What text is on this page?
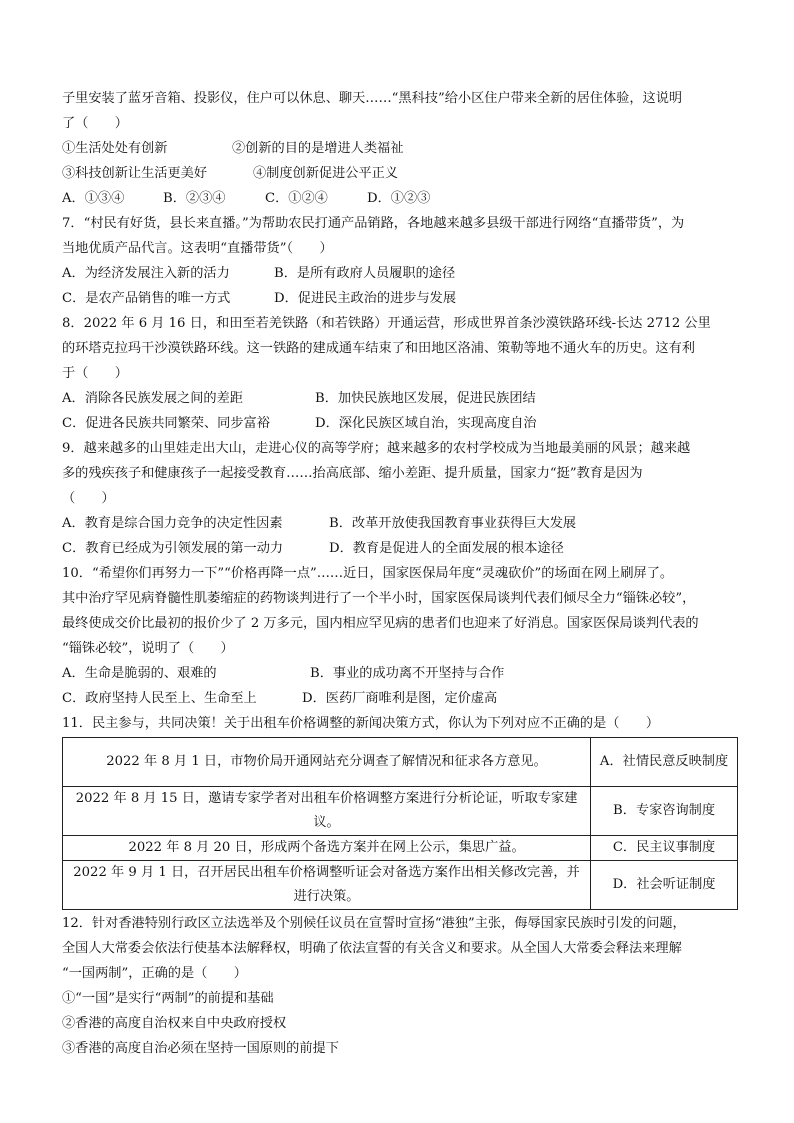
子里安装了蓝牙音箱、投影仪，住户可以休息、聊天……“黑科技”给小区住户带来全新的居住体验，这说明
了（　　）
①生活处处有创新	②创新的目的是增进人类福祉
③科技创新让生活更美好	④制度创新促进公平正义
A．①③④	B．②③④	C．①②④	D．①②③
7．“村民有好货，县长来直播。”为帮助农民打通产品销路，各地越来越多县级干部进行网络“直播带货”，为
当地优质产品代言。这表明“直播带货”（　　）
A．为经济发展注入新的活力	B．是所有政府人员履职的途径
C．是农产品销售的唯一方式	D．促进民主政治的进步与发展
8．2022 年 6 月 16 日，和田至若羌铁路（和若铁路）开通运营，形成世界首条沙漠铁路环线-长达 2712 公里
的环塔克拉玛干沙漠铁路环线。这一铁路的建成通车结束了和田地区洛浦、策勒等地不通火车的历史。这有利
于（　　）
A．消除各民族发展之间的差距	B．加快民族地区发展，促进民族团结
C．促进各民族共同繁荣、同步富裕	D．深化民族区域自治，实现高度自治
9．越来越多的山里娃走出大山，走进心仪的高等学府；越来越多的农村学校成为当地最美丽的风景；越来越
多的残疾孩子和健康孩子一起接受教育……抬高底部、缩小差距、提升质量，国家力“挺”教育是因为
（　　）
A．教育是综合国力竞争的决定性因素	B．改革开放使我国教育事业获得巨大发展
C．教育已经成为引领发展的第一动力	D．教育是促进人的全面发展的根本途径
10．“希望你们再努力一下”“价格再降一点”……近日，国家医保局年度“灵魂砍价”的场面在网上刷屏了。
其中治疗罕见病脊髓性肌萎缩症的药物谈判进行了一个半小时，国家医保局谈判代表们倾尽全力“锱铢必较”，
最终使成交价比最初的报价少了 2 万多元，国内相应罕见病的患者们也迎来了好消息。国家医保局谈判代表的
“锱铢必较”，说明了（　　）
A．生命是脆弱的、艰难的	B．事业的成功离不开坚持与合作
C．政府坚持人民至上、生命至上	D．医药厂商唯利是图，定价虚高
11．民主参与，共同决策！关于出租车价格调整的新闻决策方式，你认为下列对应不正确的是（　　）
2022 年 8 月 1 日，市物价局开通网站充分调查了解情况和征求各方意见。	A．社情民意反映制度
2022 年 8 月 15 日，邀请专家学者对出租车价格调整方案进行分析论证，听取专家建议。	B．专家咨询制度
2022 年 8 月 20 日，形成两个备选方案并在网上公示，集思广益。	C．民主议事制度
2022 年 9 月 1 日，召开居民出租车价格调整听证会对备选方案作出相关修改完善，并进行决策。	D．社会听证制度
12．针对香港特别行政区立法选举及个别候任议员在宣誓时宣扬“港独”主张，侮辱国家民族时引发的问题，
全国人大常委会依法行使基本法解释权，明确了依法宣誓的有关含义和要求。从全国人大常委会释法来理解
“一国两制”，正确的是（　　）
①“一国”是实行“两制”的前提和基础
②香港的高度自治权来自中央政府授权
③香港的高度自治必须在坚持一国原则的前提下
